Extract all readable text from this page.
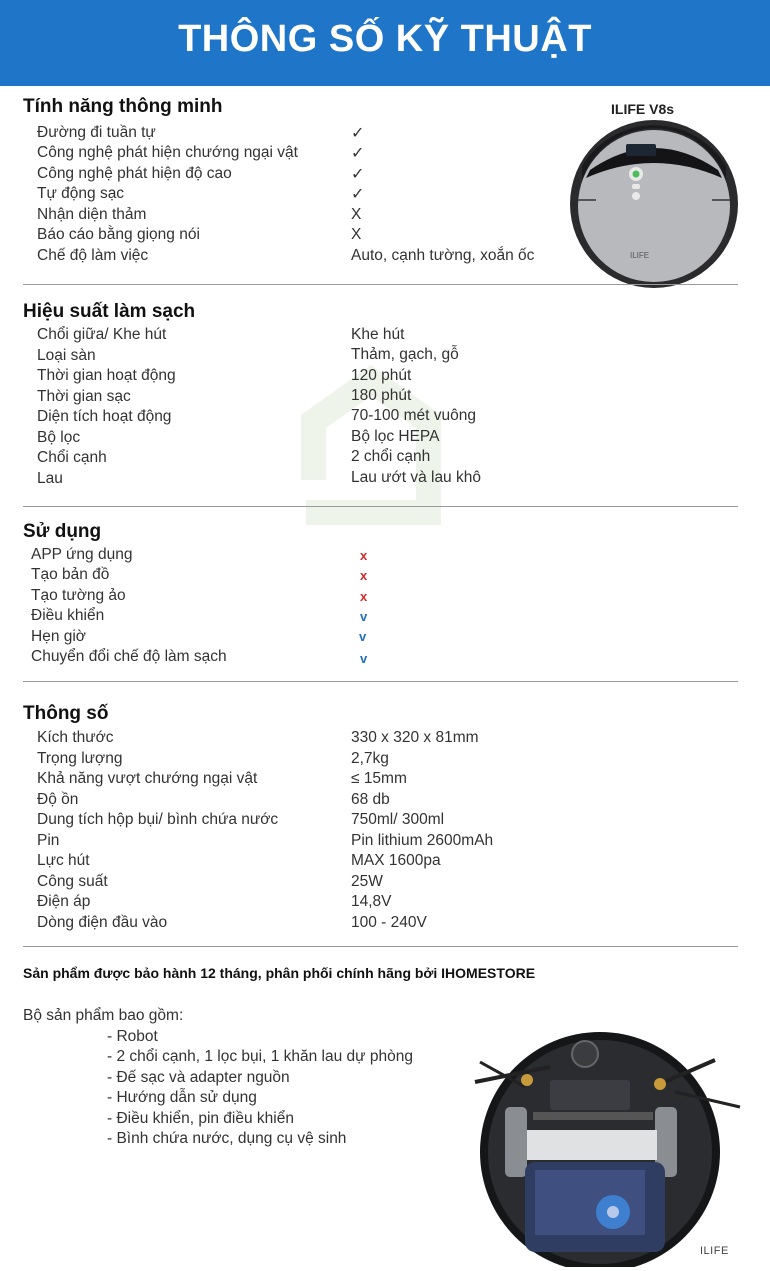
THÔNG SỐ KỸ THUẬT
ILIFE V8s
ILIFE
Tính năng thông minh
Đường đi tuần tự	✓
Công nghệ phát hiện chướng ngại vật	✓
Công nghệ phát hiện độ cao	✓
Tự động sạc	✓
Nhận diện thảm	X
Báo cáo bằng giọng nói	X
Chế độ làm việc	Auto, cạnh tường, xoắn ốc
Hiệu suất làm sạch
Chổi giữa/ Khe hút	Khe hút
Loại sàn	Thảm, gạch, gỗ
Thời gian hoạt động	120 phút
Thời gian sạc	180 phút
Diện tích hoạt động	70-100 mét vuông
Bộ lọc	Bộ lọc HEPA
Chổi cạnh	2 chổi cạnh
Lau	Lau ướt và lau khô
Sử dụng
APP ứng dụng	x
Tạo bản đồ	x
Tạo tường ảo	x
Điều khiển	v
Hẹn giờ	v
Chuyển đổi chế độ làm sạch	v
Thông số
Kích thước	330 x 320 x 81mm
Trọng lượng	2,7kg
Khả năng vượt chướng ngại vật	≤ 15mm
Độ ồn	68 db
Dung tích hộp bụi/ bình chứa nước	750ml/ 300ml
Pin	Pin lithium 2600mAh
Lực hút	MAX 1600pa
Công suất	25W
Điện áp	14,8V
Dòng điện đầu vào	100 - 240V
Sản phẩm được bảo hành 12 tháng, phân phối chính hãng bởi IHOMESTORE
Bộ sản phẩm bao gồm:
- Robot
- 2 chổi cạnh, 1 lọc bụi, 1 khăn lau dự phòng
- Đế sạc và adapter nguồn
- Hướng dẫn sử dụng
- Điều khiển, pin điều khiển
- Bình chứa nước, dụng cụ vệ sinh
ILIFE
